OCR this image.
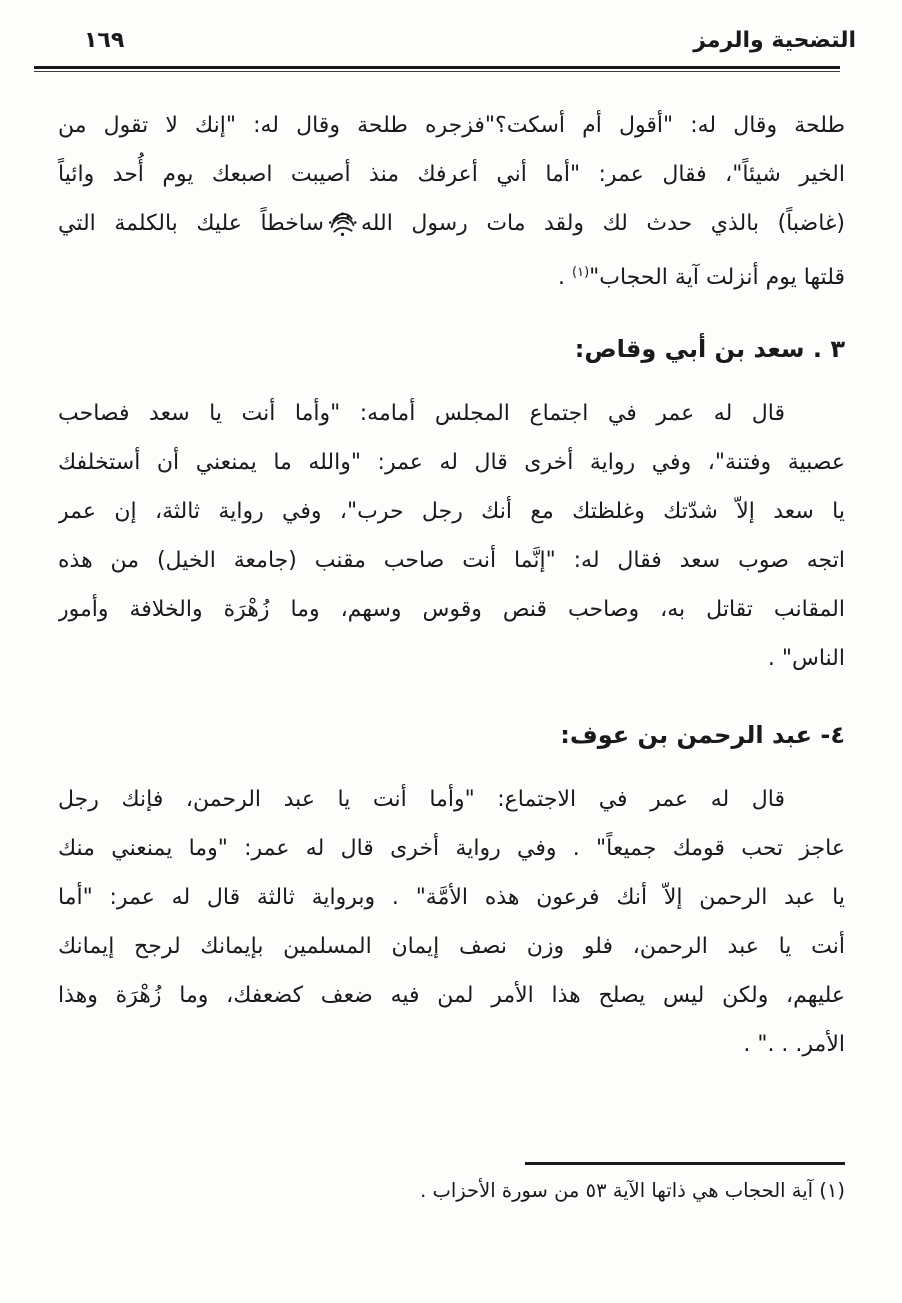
التضحية والرمز
١٦٩
طلحة وقال له: "أقول أم أسكت؟"فزجره طلحة وقال له: "إنك لا تقول من
الخير شيئاً"، فقال عمر: "أما أني أعرفك منذ أصيبت اصبعك يوم أُحد وائياً
(غاضباً) بالذي حدث لك ولقد مات رسول اللهساخطاً عليك بالكلمة التي
قلتها يوم أنزلت آية الحجاب"$^{(١)}$ .
٣ . سعد بن أبي وقاص:
قال له عمر في اجتماع المجلس أمامه: "وأما أنت يا سعد فصاحب
عصبية وفتنة"، وفي رواية أخرى قال له عمر: "والله ما يمنعني أن أستخلفك
يا سعد إلاّ شدّتك وغلظتك مع أنك رجل حرب"، وفي رواية ثالثة، إن عمر
اتجه صوب سعد فقال له: "إنَّما أنت صاحب مقنب (جامعة الخيل) من هذه
المقانب تقاتل به، وصاحب قنص وقوس وسهم، وما زُهْرَة والخلافة وأمور
الناس" .
٤- عبد الرحمن بن عوف:
قال له عمر في الاجتماع: "وأما أنت يا عبد الرحمن، فإنك رجل
عاجز تحب قومك جميعاً" . وفي رواية أخرى قال له عمر: "وما يمنعني منك
يا عبد الرحمن إلاّ أنك فرعون هذه الأمَّة" . وبرواية ثالثة قال له عمر: "أما
أنت يا عبد الرحمن، فلو وزن نصف إيمان المسلمين بإيمانك لرجح إيمانك
عليهم، ولكن ليس يصلح هذا الأمر لمن فيه ضعف كضعفك، وما زُهْرَة وهذا
الأمر. . ." .
(١) آية الحجاب هي ذاتها الآية ٥٣ من سورة الأحزاب .
